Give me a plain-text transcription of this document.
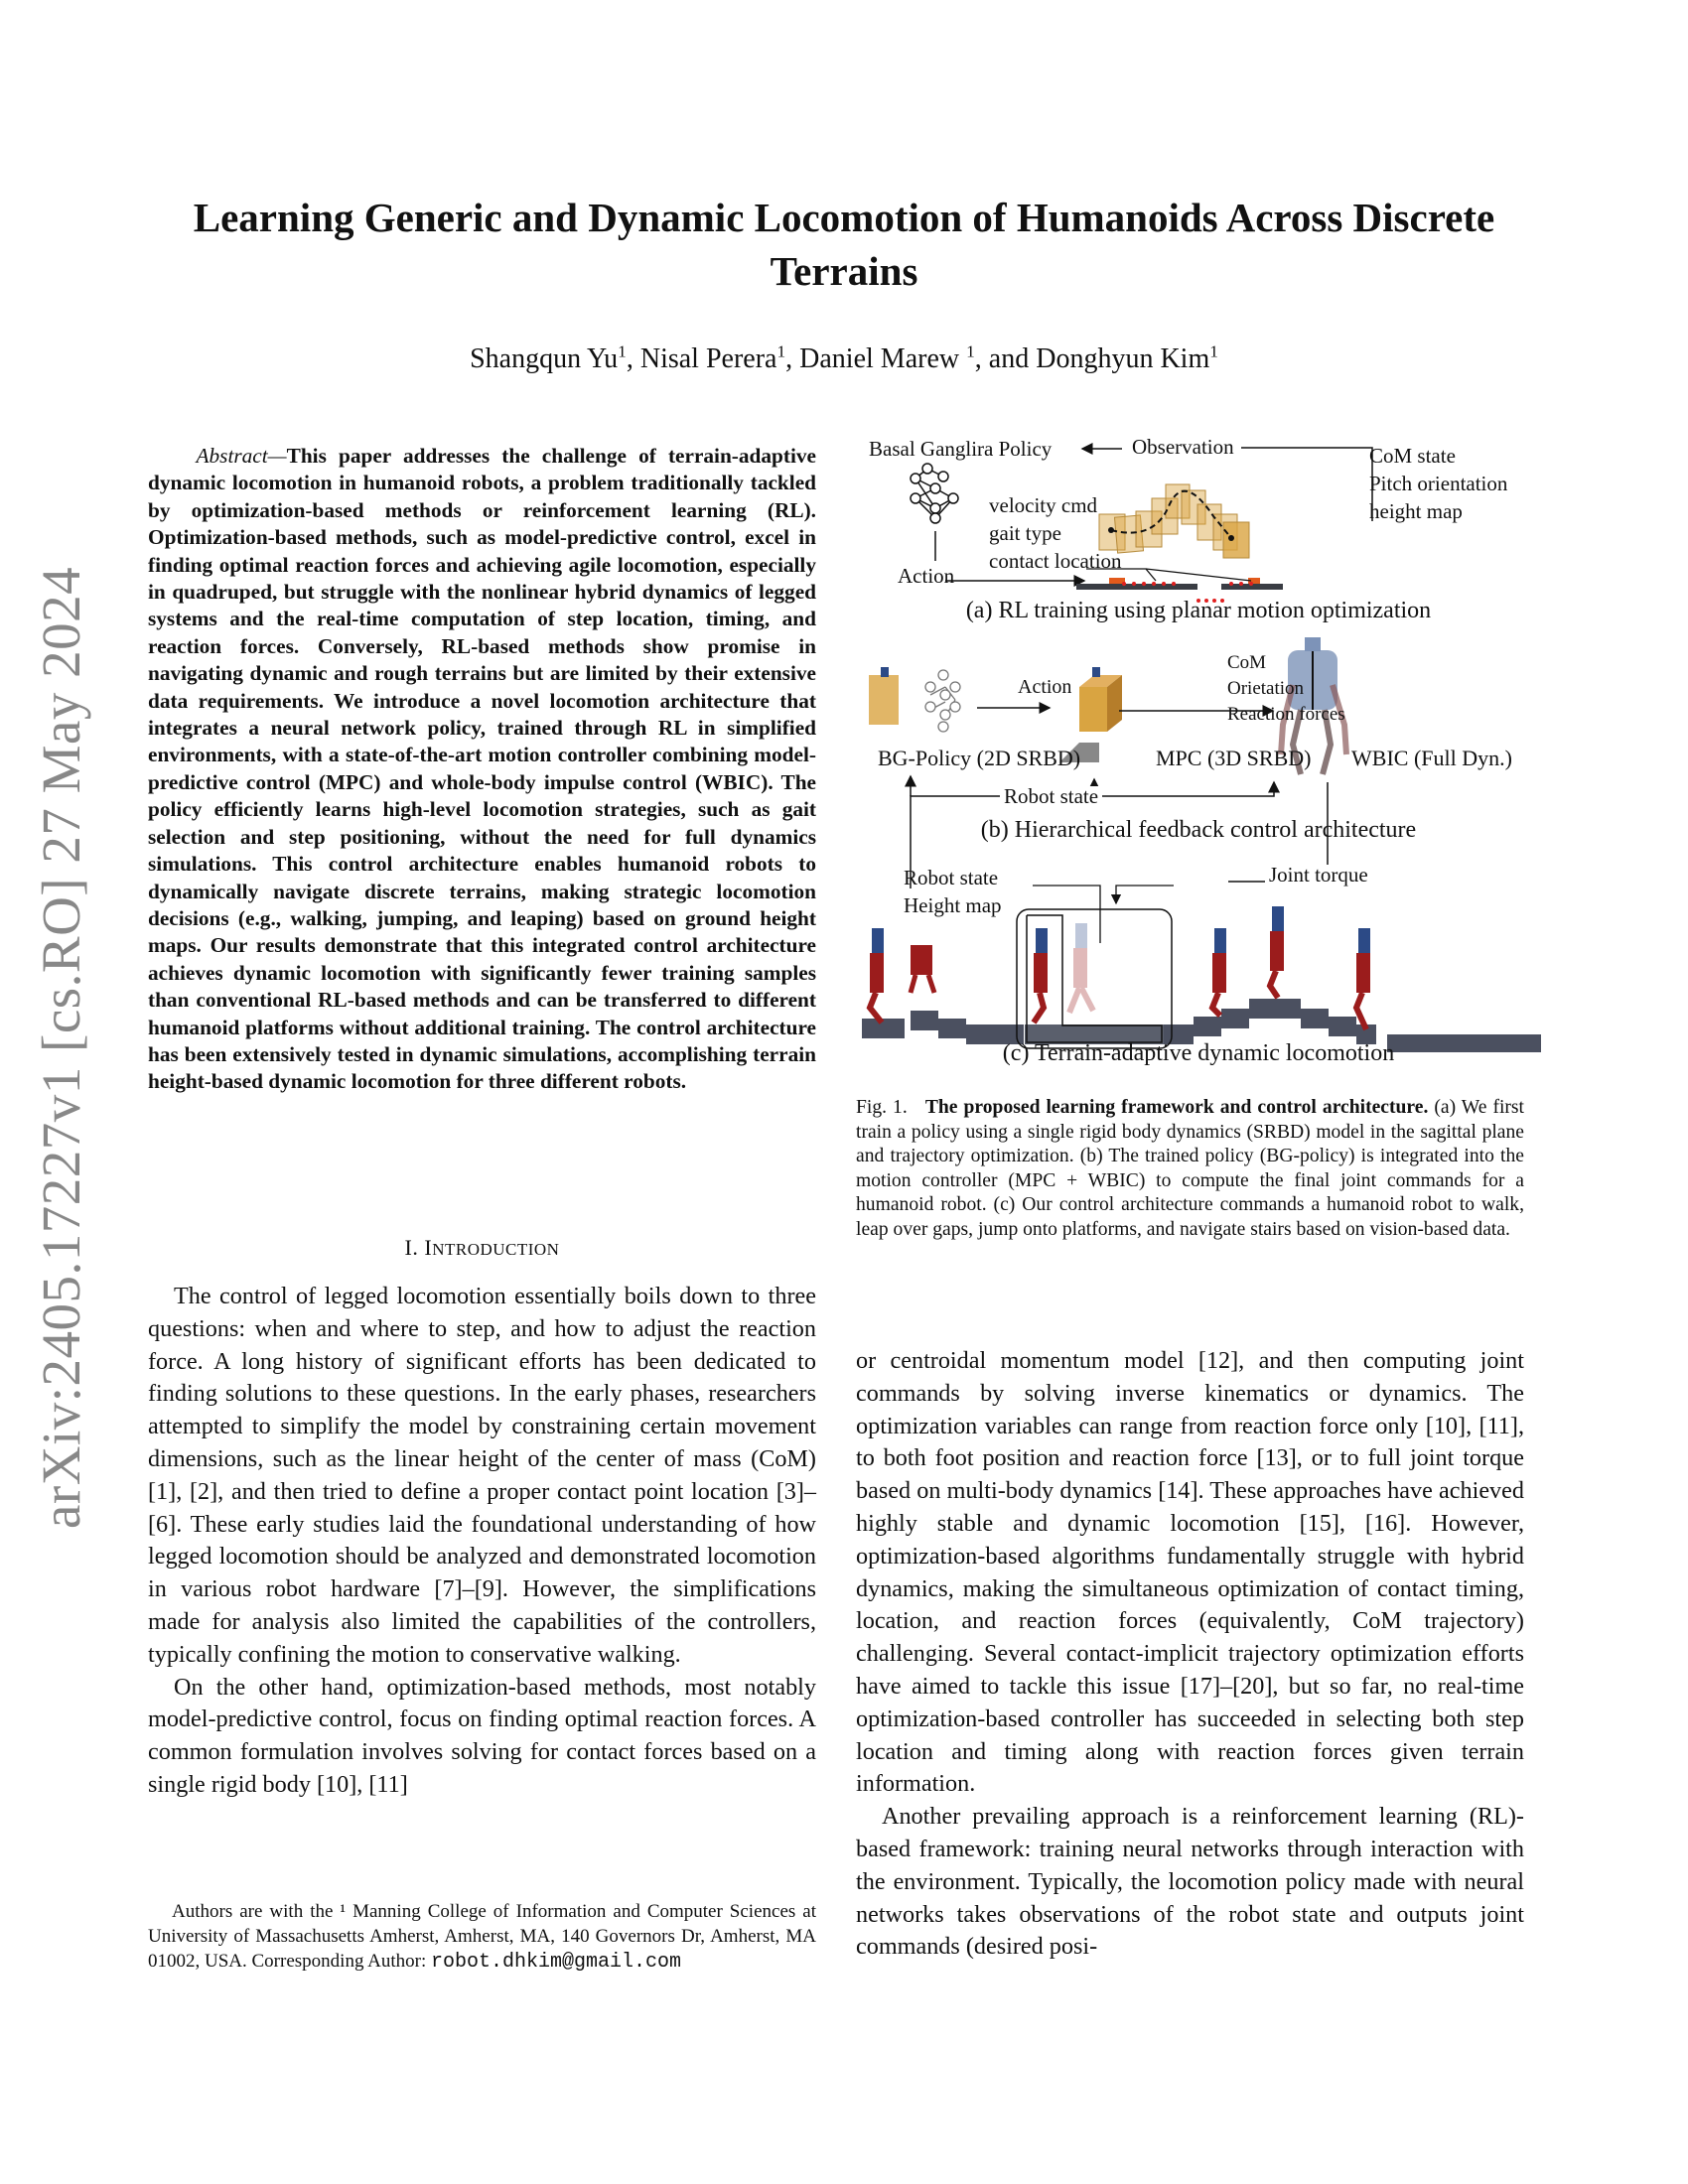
arXiv:2405.17227v1 [cs.RO] 27 May 2024
Learning Generic and Dynamic Locomotion of Humanoids Across Discrete Terrains
Shangqun Yu$^1$, Nisal Perera$^1$, Daniel Marew $^1$, and Donghyun Kim$^1$
Abstract—This paper addresses the challenge of terrain-adaptive dynamic locomotion in humanoid robots, a problem traditionally tackled by optimization-based methods or reinforcement learning (RL). Optimization-based methods, such as model-predictive control, excel in finding optimal reaction forces and achieving agile locomotion, especially in quadruped, but struggle with the nonlinear hybrid dynamics of legged systems and the real-time computation of step location, timing, and reaction forces. Conversely, RL-based methods show promise in navigating dynamic and rough terrains but are limited by their extensive data requirements. We introduce a novel locomotion architecture that integrates a neural network policy, trained through RL in simplified environments, with a state-of-the-art motion controller combining model-predictive control (MPC) and whole-body impulse control (WBIC). The policy efficiently learns high-level locomotion strategies, such as gait selection and step positioning, without the need for full dynamics simulations. This control architecture enables humanoid robots to dynamically navigate discrete terrains, making strategic locomotion decisions (e.g., walking, jumping, and leaping) based on ground height maps. Our results demonstrate that this integrated control architecture achieves dynamic locomotion with significantly fewer training samples than conventional RL-based methods and can be transferred to different humanoid platforms without additional training. The control architecture has been extensively tested in dynamic simulations, accomplishing terrain height-based dynamic locomotion for three different robots.
I. INTRODUCTION

The control of legged locomotion essentially boils down to three questions: when and where to step, and how to adjust the reaction force. A long history of significant efforts has been dedicated to finding solutions to these questions. In the early phases, researchers attempted to simplify the model by constraining certain movement dimensions, such as the linear height of the center of mass (CoM) [1], [2], and then tried to define a proper contact point location [3]–[6]. These early studies laid the foundational understanding of how legged locomotion should be analyzed and demonstrated locomotion in various robot hardware [7]–[9]. However, the simplifications made for analysis also limited the capabilities of the controllers, typically confining the motion to conservative walking.

On the other hand, optimization-based methods, most notably model-predictive control, focus on finding optimal reaction forces. A common formulation involves solving for contact forces based on a single rigid body [10], [11]

Authors are with the ¹ Manning College of Information and Computer Sciences at University of Massachusetts Amherst, Amherst, MA, 140 Governors Dr, Amherst, MA 01002, USA. Corresponding Author: robot.dhkim@gmail.com

or centroidal momentum model [12], and then computing joint commands by solving inverse kinematics or dynamics. The optimization variables can range from reaction force only [10], [11], to both foot position and reaction force [13], or to full joint torque based on multi-body dynamics [14]. These approaches have achieved highly stable and dynamic locomotion [15], [16]. However, optimization-based algorithms fundamentally struggle with hybrid dynamics, making the simultaneous optimization of contact timing, location, and reaction forces (equivalently, CoM trajectory) challenging. Several contact-implicit trajectory optimization efforts have aimed to tackle this issue [17]–[20], but so far, no real-time optimization-based controller has succeeded in selecting both step location and timing along with reaction forces given terrain information.

Another prevailing approach is a reinforcement learning (RL)-based framework: training neural networks through interaction with the environment. Typically, the locomotion policy made with neural networks takes observations of the robot state and outputs joint commands (desired posi-

Basal Ganglira Policy	Observation	CoM state
Pitch orientation
height map
velocity cmd
gait type
contact location
Action
(a) RL training using planar motion optimization
Action
CoM
Orietation
Reaction forces
BG-Policy (2D SRBD)	MPC (3D SRBD) WBIC (Full Dyn.)
Robot state
(b) Hierarchical feedback control architecture
Robot state
Height map
Joint torque
(c) Terrain-adaptive dynamic locomotion
Fig. 1. The proposed learning framework and control architecture. (a) We first train a policy using a single rigid body dynamics (SRBD) model in the sagittal plane and trajectory optimization. (b) The trained policy (BG-policy) is integrated into the motion controller (MPC + WBIC) to compute the final joint commands for a humanoid robot. (c) Our control architecture commands a humanoid robot to walk, leap over gaps, jump onto platforms, and navigate stairs based on vision-based data.
